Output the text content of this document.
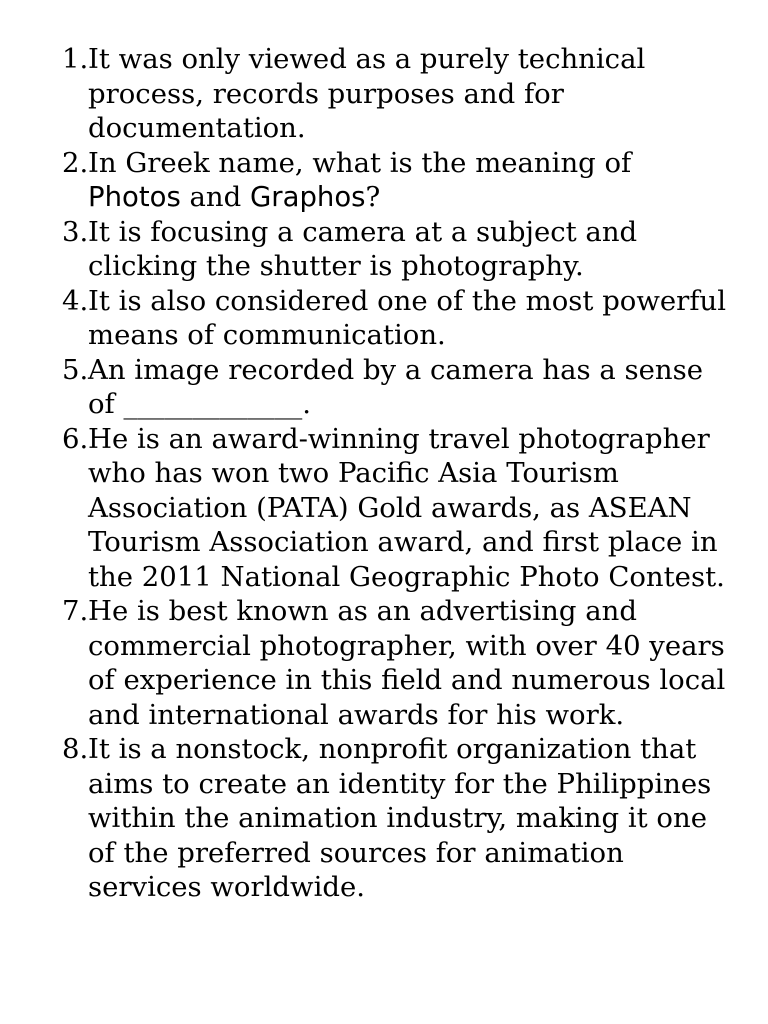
1. It was only viewed as a purely technical process, records purposes and for documentation.
2. In Greek name, what is the meaning of Photos and Graphos?
3. It is focusing a camera at a subject and clicking the shutter is photography.
4. It is also considered one of the most powerful means of communication.
5. An image recorded by a camera has a sense of _____________.
6. He is an award-winning travel photographer who has won two Pacific Asia Tourism Association (PATA) Gold awards, as ASEAN Tourism Association award, and first place in the 2011 National Geographic Photo Contest.
7. He is best known as an advertising and commercial photographer, with over 40 years of experience in this field and numerous local and international awards for his work.
8. It is a nonstock, nonprofit organization that aims to create an identity for the Philippines within the animation industry, making it one of the preferred sources for animation services worldwide.
